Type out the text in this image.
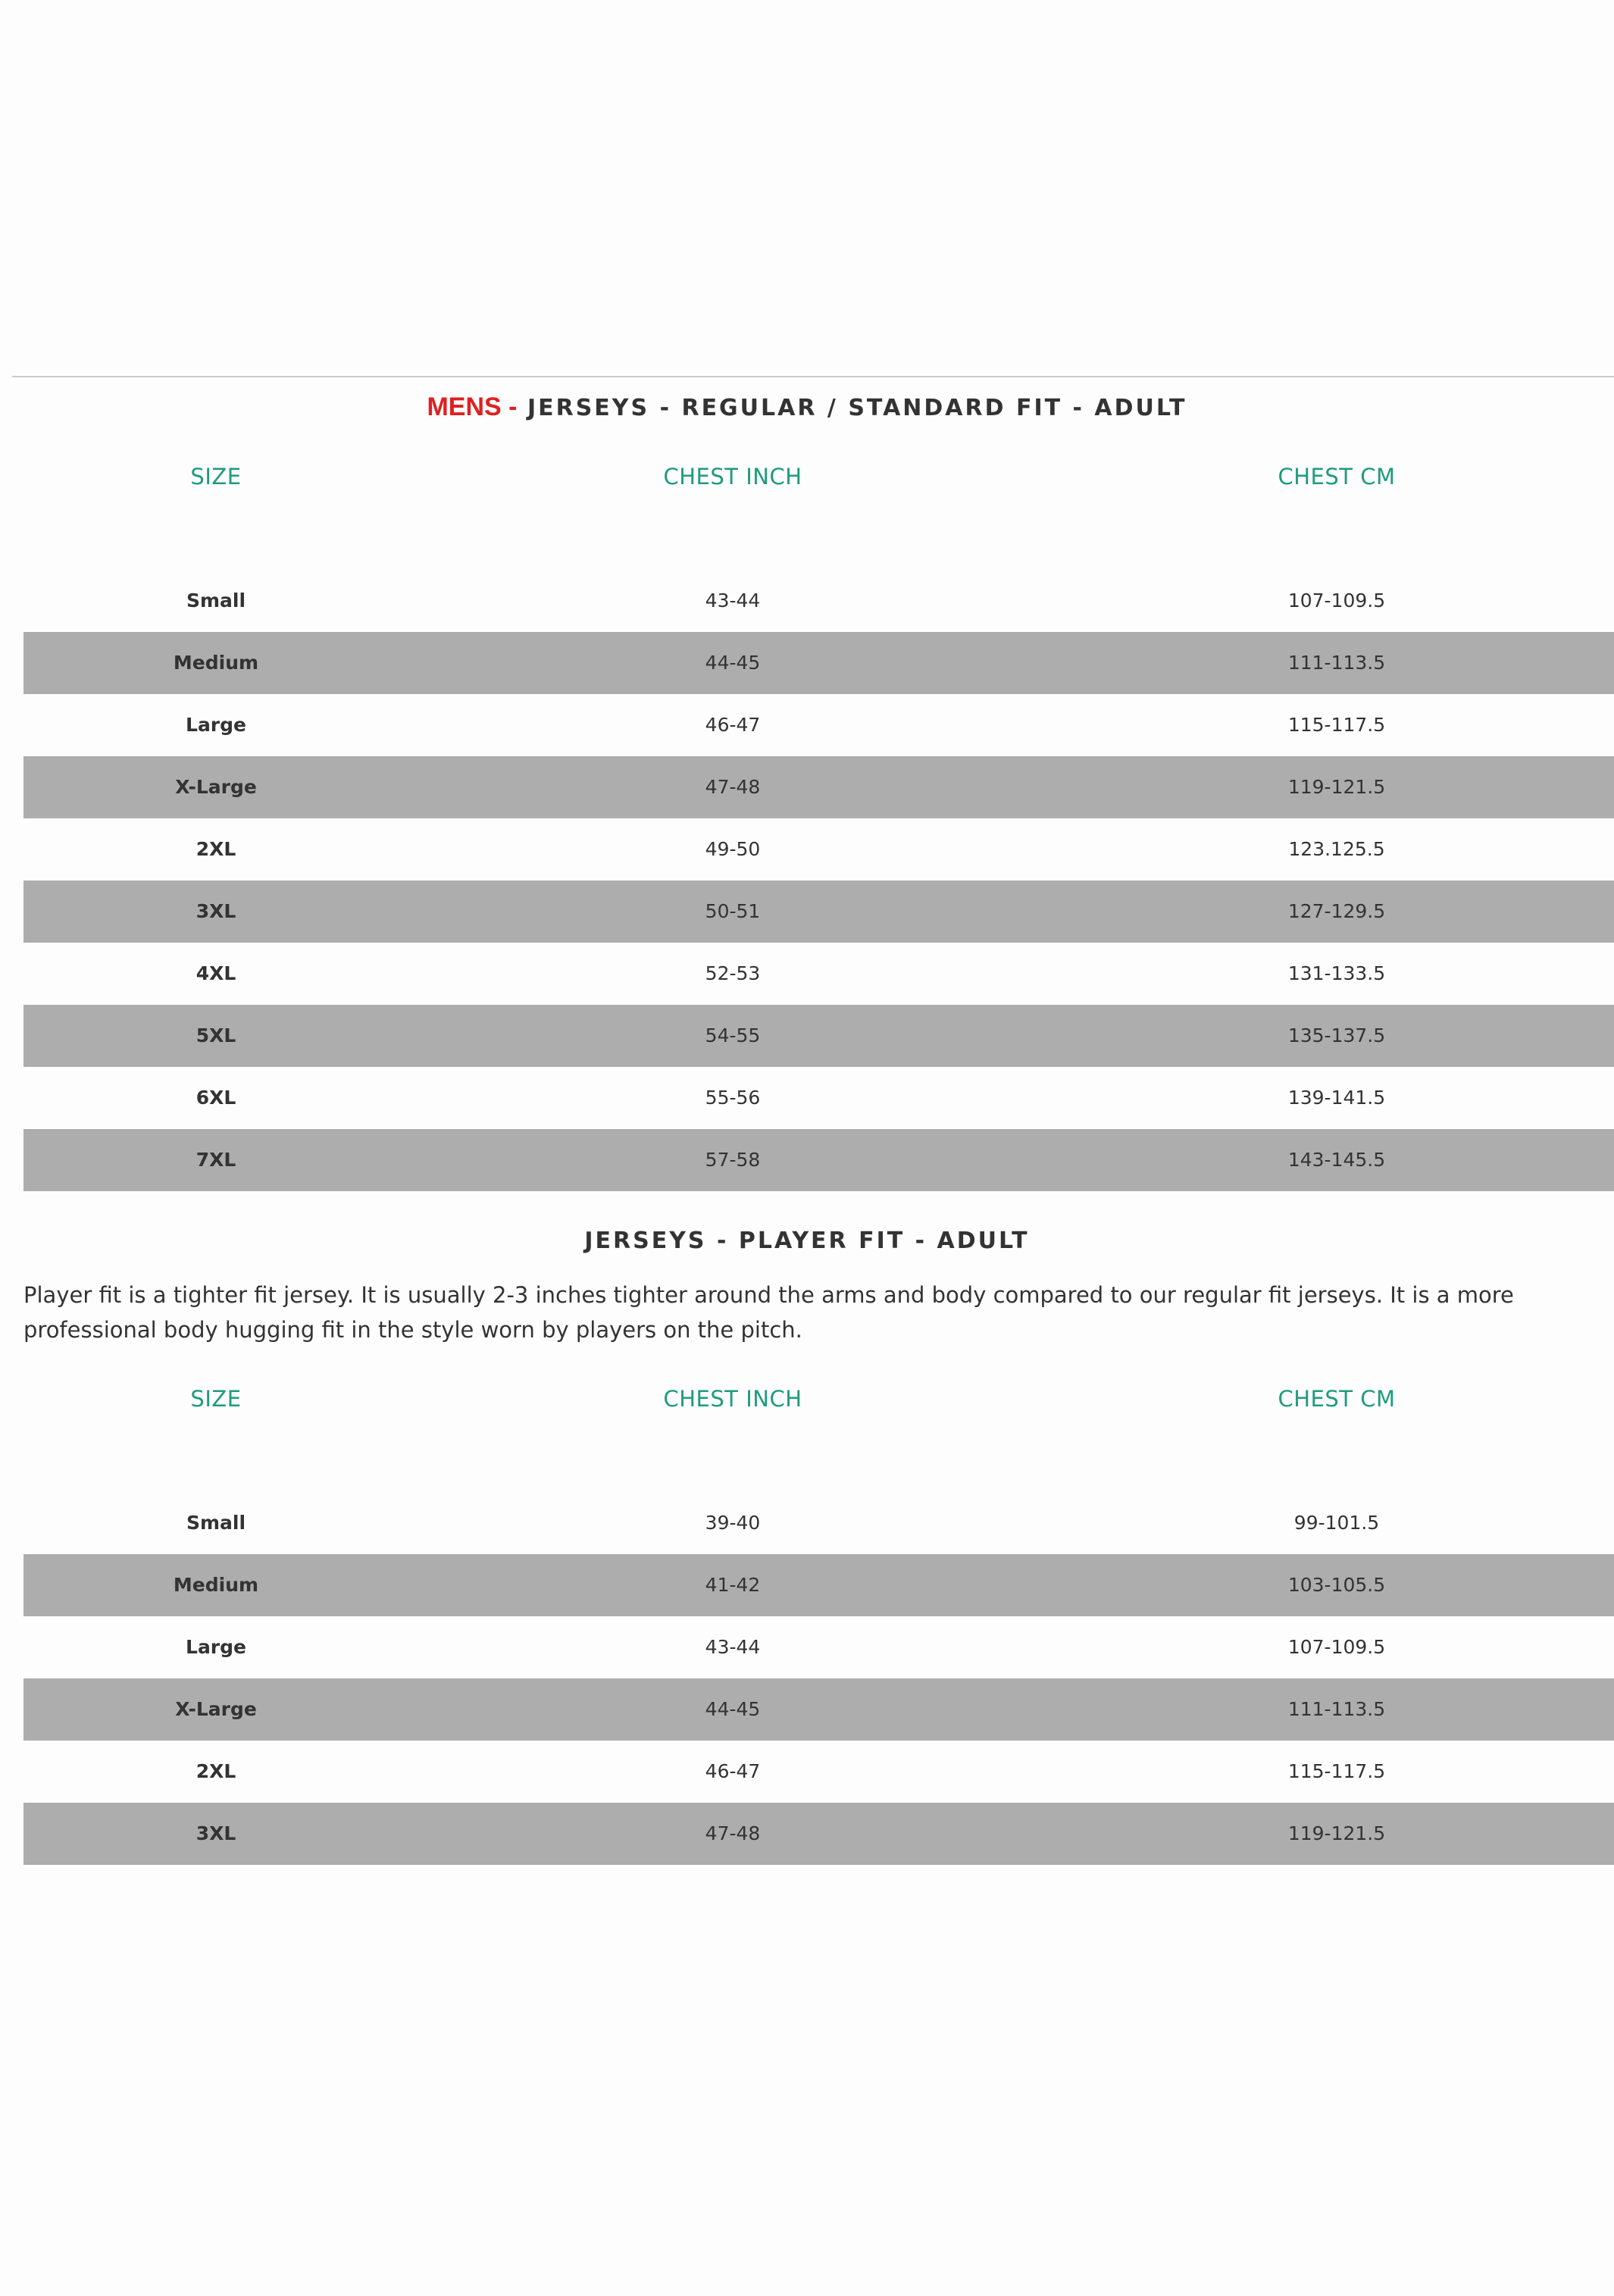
MENS - JERSEYS - REGULAR / STANDARD FIT - ADULT
SIZE	CHEST INCH	CHEST CM
Small	43-44	107-109.5
Medium	44-45	111-113.5
Large	46-47	115-117.5
X-Large	47-48	119-121.5
2XL	49-50	123.125.5
3XL	50-51	127-129.5
4XL	52-53	131-133.5
5XL	54-55	135-137.5
6XL	55-56	139-141.5
7XL	57-58	143-145.5
JERSEYS - PLAYER FIT - ADULT
Player fit is a tighter fit jersey. It is usually 2-3 inches tighter around the arms and body compared to our regular fit jerseys. It is a more professional body hugging fit in the style worn by players on the pitch.
SIZE	CHEST INCH	CHEST CM
Small	39-40	99-101.5
Medium	41-42	103-105.5
Large	43-44	107-109.5
X-Large	44-45	111-113.5
2XL	46-47	115-117.5
3XL	47-48	119-121.5
